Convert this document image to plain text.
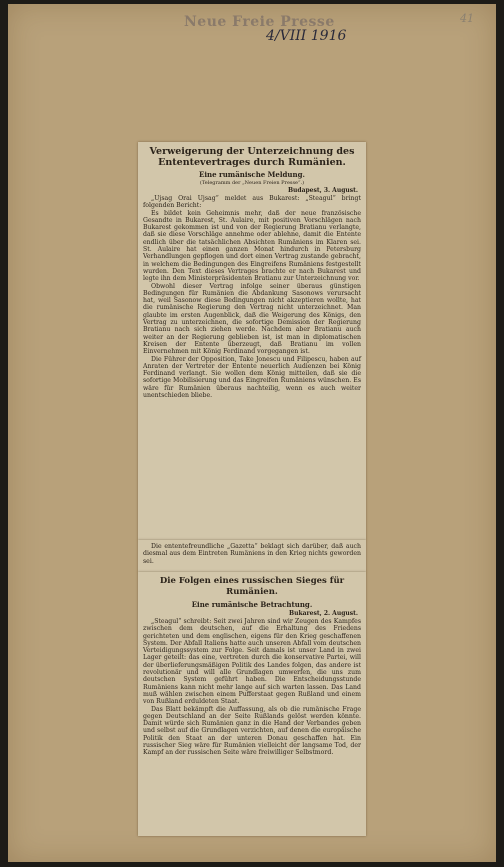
Neue Freie Presse
4/VIII 1916
41
Verweigerung der Unterzeichnung des Ententevertrages durch Rumänien.
Eine rumänische Meldung.
(Telegramm der „Neuen Freien Presse“.)
Budapest, 3. August.

„Ujsag Orai Ujsag“ meldet aus Bukarest: „Steagul“ bringt folgenden Bericht:

Es bildet kein Geheimnis mehr, daß der neue französische Gesandte in Bukarest, St. Aulaire, mit positiven Vorschlägen nach Bukarest gekommen ist und von der Regierung Bratianu verlangte, daß sie diese Vorschläge annehme oder ablehne, damit die Entente endlich über die tatsächlichen Absichten Rumäniens im Klaren sei. St. Aulaire hat einen ganzen Monat hindurch in Petersburg Verhandlungen gepflogen und dort einen Vertrag zustande gebracht, in welchem die Bedingungen des Eingreifens Rumäniens festgestellt wurden. Den Text dieses Vertrages brachte er nach Bukarest und legte ihn dem Ministerpräsidenten Bratianu zur Unterzeichnung vor.

Obwohl dieser Vertrag infolge seiner überaus günstigen Bedingungen für Rumänien die Abdankung Sasonows verursacht hat, weil Sasonow diese Bedingungen nicht akzeptieren wollte, hat die rumänische Regierung den Vertrag nicht unterzeichnet. Man glaubte im ersten Augenblick, daß die Weigerung des Königs, den Vertrag zu unterzeichnen, die sofortige Demission der Regierung Bratianu nach sich ziehen werde. Nachdem aber Bratianu auch weiter an der Regierung geblieben ist, ist man in diplomatischen Kreisen der Entente überzeugt, daß Bratianu im vollen Einvernehmen mit König Ferdinand vorgegangen ist.

Die Führer der Opposition, Take Jonescu und Filipescu, haben auf Anraten der Vertreter der Entente neuerlich Audienzen bei König Ferdinand verlangt. Sie wollen dem König mitteilen, daß sie die sofortige Mobilisierung und das Eingreifen Rumäniens wünschen. Es wäre für Rumänien überaus nachteilig, wenn es auch weiter unentschieden bliebe.

Die ententefreundliche „Gazetta“ beklagt sich darüber, daß auch diesmal aus dem Eintreten Rumäniens in den Krieg nichts geworden sei.

Die Folgen eines russischen Sieges für Rumänien.
Eine rumänische Betrachtung.
Bukarest, 2. August.

„Steagul“ schreibt: Seit zwei Jahren sind wir Zeugen des Kampfes zwischen dem deutschen, auf die Erhaltung des Friedens gerichteten und dem englischen, eigens für den Krieg geschaffenen System. Der Abfall Italiens hatte auch unseren Abfall vom deutschen Verteidigungssystem zur Folge. Seit damals ist unser Land in zwei Lager geteilt: das eine, vertreten durch die konservative Partei, will der überlieferungsmäßigen Politik des Landes folgen, das andere ist revolutionär und will alle Grundlagen umwerfen, die uns zum deutschen System geführt haben. Die Entscheidungsstunde Rumäniens kann nicht mehr lange auf sich warten lassen. Das Land muß wählen zwischen einem Pufferstaat gegen Rußland und einem von Rußland erduldeten Staat.

Das Blatt bekämpft die Auffassung, als ob die rumänische Frage gegen Deutschland an der Seite Rußlands gelöst werden könnte. Damit würde sich Rumänien ganz in die Hand der Verbandes geben und selbst auf die Grundlagen verzichten, auf denen die europäische Politik den Staat an der unteren Donau geschaffen hat. Ein russischer Sieg wäre für Rumänien vielleicht der langsame Tod, der Kampf an der russischen Seite wäre freiwilliger Selbstmord.
